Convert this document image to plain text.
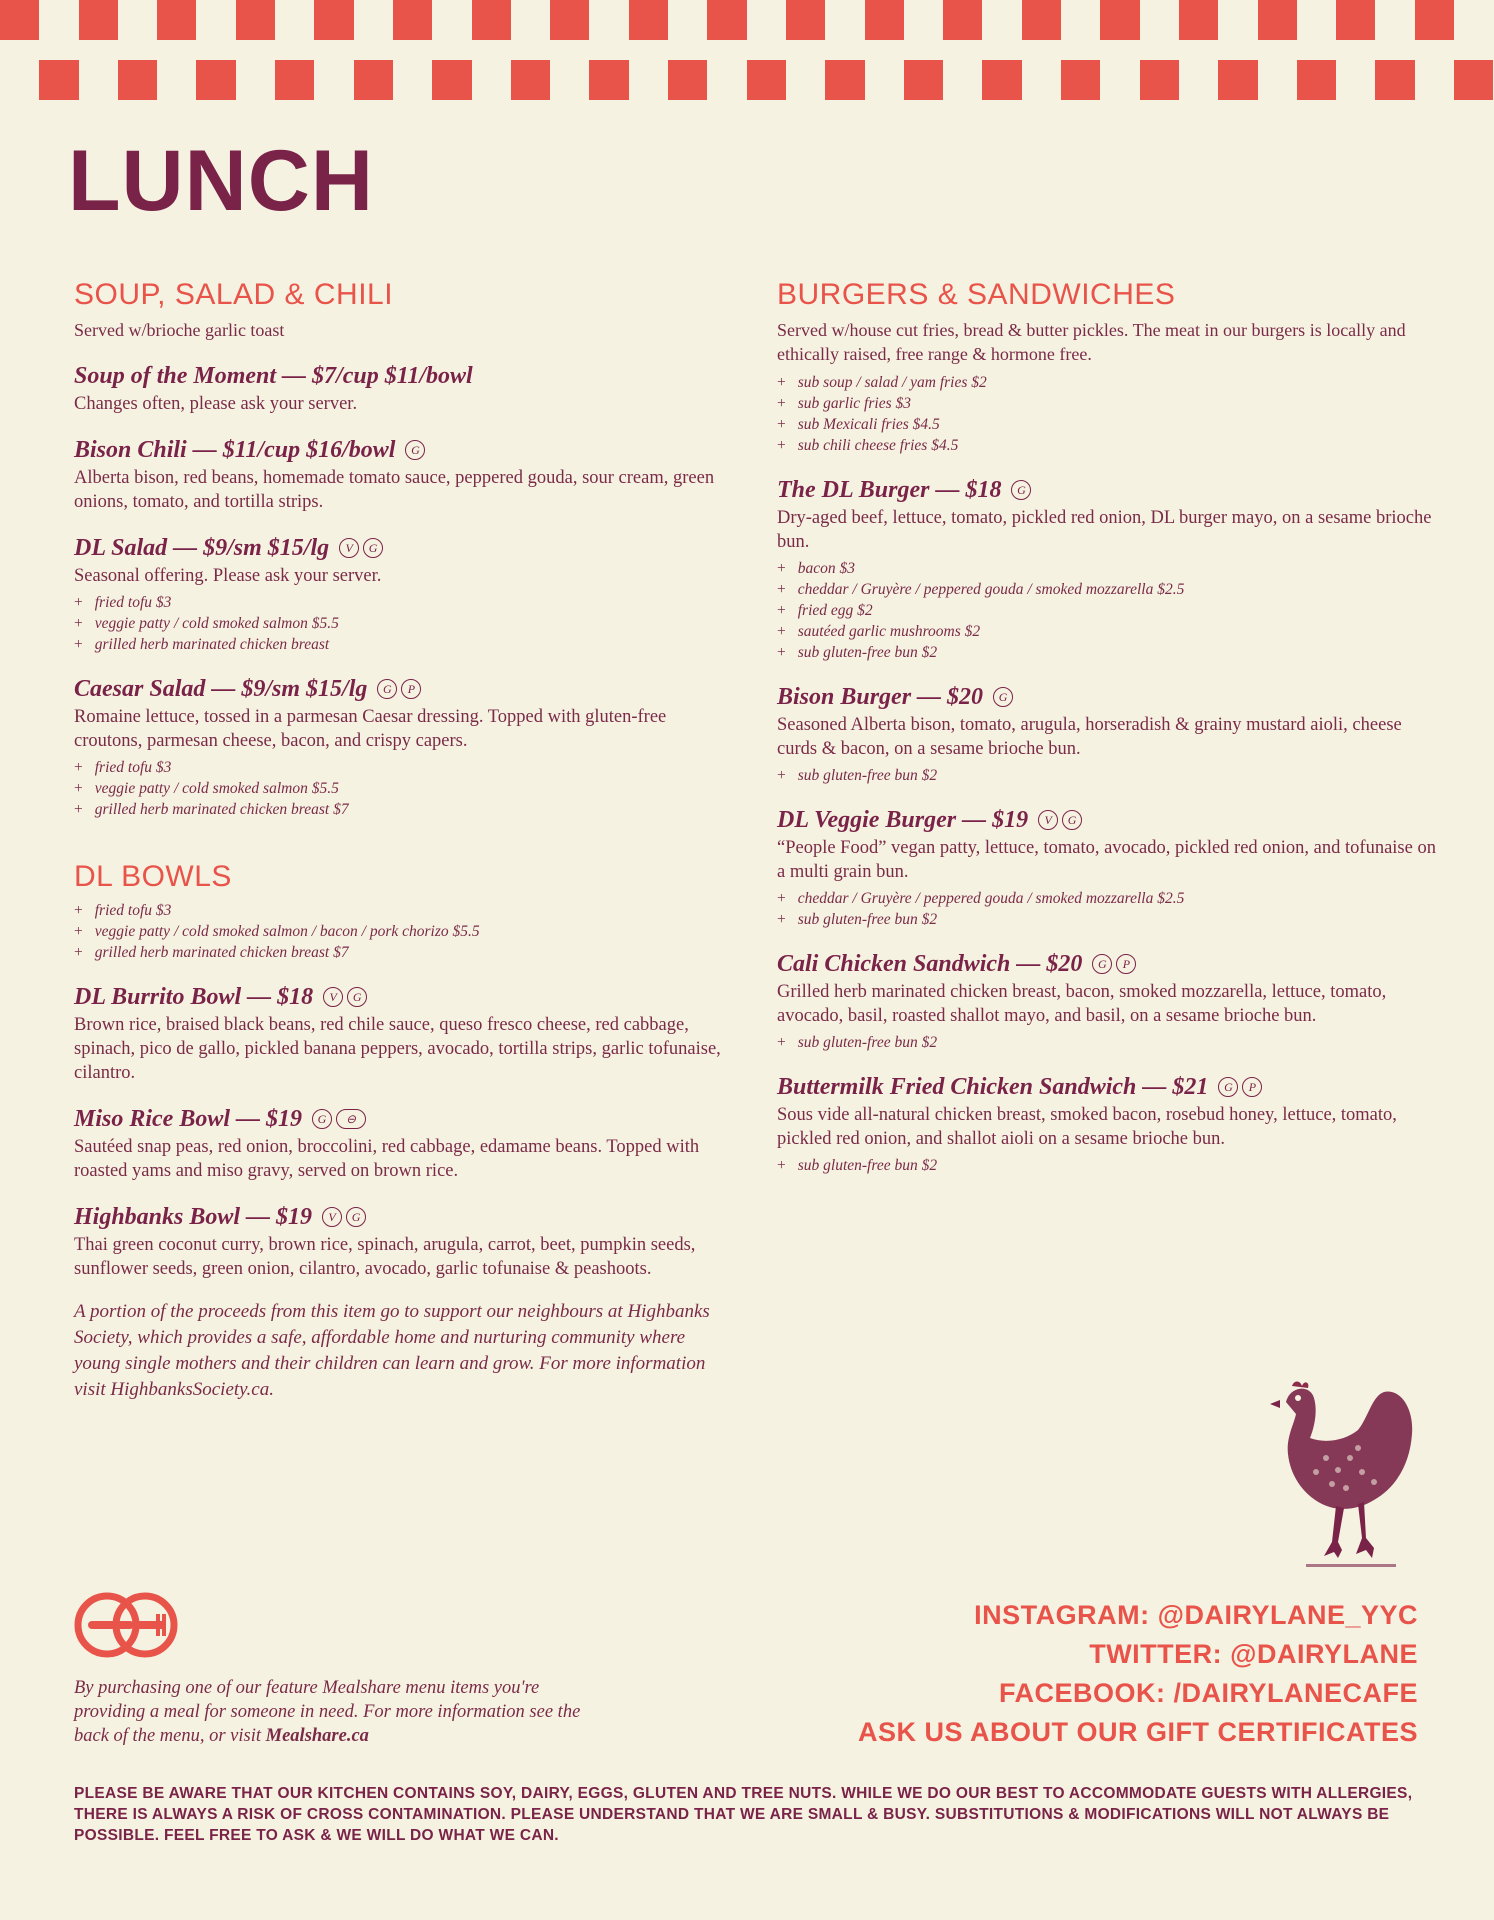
LUNCH
SOUP, SALAD & CHILI

Served w/brioche garlic toast

Soup of the Moment — $7/cup $11/bowl

Changes often, please ask your server.

Bison Chili — $11/cup $16/bowl	G

Alberta bison, red beans, homemade tomato sauce, peppered gouda, sour cream, green onions, tomato, and tortilla strips.

DL Salad — $9/sm $15/lg	V	G

Seasonal offering. Please ask your server.

+ fried tofu $3
+ veggie patty / cold smoked salmon $5.5
+ grilled herb marinated chicken breast
Caesar Salad — $9/sm $15/lg	G	P

Romaine lettuce, tossed in a parmesan Caesar dressing. Topped with gluten-free croutons, parmesan cheese, bacon, and crispy capers.

+ fried tofu $3
+ veggie patty / cold smoked salmon $5.5
+ grilled herb marinated chicken breast $7
DL BOWLS
+ fried tofu $3
+ veggie patty / cold smoked salmon / bacon / pork chorizo $5.5
+ grilled herb marinated chicken breast $7
DL Burrito Bowl — $18	V	G

Brown rice, braised black beans, red chile sauce, queso fresco cheese, red cabbage, spinach, pico de gallo, pickled banana peppers, avocado, tortilla strips, garlic tofunaise, cilantro.

Miso Rice Bowl — $19	G	⊖

Sautéed snap peas, red onion, broccolini, red cabbage, edamame beans. Topped with roasted yams and miso gravy, served on brown rice.

Highbanks Bowl — $19	V	G

Thai green coconut curry, brown rice, spinach, arugula, carrot, beet, pumpkin seeds, sunflower seeds, green onion, cilantro, avocado, garlic tofunaise & peashoots.

A portion of the proceeds from this item go to support our neighbours at Highbanks Society, which provides a safe, affordable home and nurturing community where young single mothers and their children can learn and grow. For more information visit HighbanksSociety.ca.

BURGERS & SANDWICHES

Served w/house cut fries, bread & butter pickles. The meat in our burgers is locally and ethically raised, free range & hormone free.

+ sub soup / salad / yam fries $2
+ sub garlic fries $3
+ sub Mexicali fries $4.5
+ sub chili cheese fries $4.5
The DL Burger — $18	G

Dry-aged beef, lettuce, tomato, pickled red onion, DL burger mayo, on a sesame brioche bun.

+ bacon $3
+ cheddar / Gruyère / peppered gouda / smoked mozzarella $2.5
+ fried egg $2
+ sautéed garlic mushrooms $2
+ sub gluten-free bun $2
Bison Burger — $20	G

Seasoned Alberta bison, tomato, arugula, horseradish & grainy mustard aioli, cheese curds & bacon, on a sesame brioche bun.

+ sub gluten-free bun $2
DL Veggie Burger — $19	V	G

“People Food” vegan patty, lettuce, tomato, avocado, pickled red onion, and tofunaise on a multi grain bun.

+ cheddar / Gruyère / peppered gouda / smoked mozzarella $2.5
+ sub gluten-free bun $2
Cali Chicken Sandwich — $20	G	P

Grilled herb marinated chicken breast, bacon, smoked mozzarella, lettuce, tomato, avocado, basil, roasted shallot mayo, and basil, on a sesame brioche bun.

+ sub gluten-free bun $2
Buttermilk Fried Chicken Sandwich — $21	G	P

Sous vide all-natural chicken breast, smoked bacon, rosebud honey, lettuce, tomato, pickled red onion, and shallot aioli on a sesame brioche bun.

+ sub gluten-free bun $2

By purchasing one of our feature Mealshare menu items you're providing a meal for someone in need. For more information see the back of the menu, or visit Mealshare.ca

INSTAGRAM: @DAIRYLANE_YYC
TWITTER: @DAIRYLANE
FACEBOOK: /DAIRYLANECAFE
ASK US ABOUT OUR GIFT CERTIFICATES

PLEASE BE AWARE THAT OUR KITCHEN CONTAINS SOY, DAIRY, EGGS, GLUTEN AND TREE NUTS. WHILE WE DO OUR BEST TO ACCOMMODATE GUESTS WITH ALLERGIES, THERE IS ALWAYS A RISK OF CROSS CONTAMINATION. PLEASE UNDERSTAND THAT WE ARE SMALL & BUSY. SUBSTITUTIONS & MODIFICATIONS WILL NOT ALWAYS BE POSSIBLE. FEEL FREE TO ASK & WE WILL DO WHAT WE CAN.
